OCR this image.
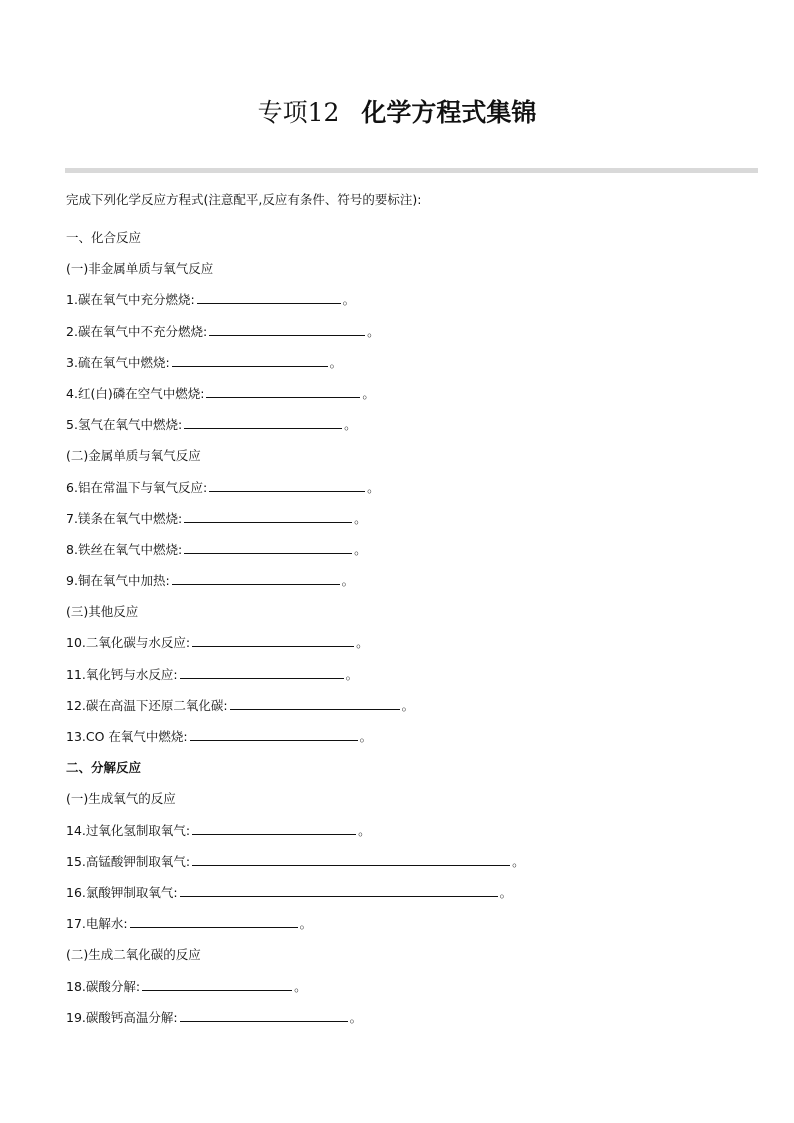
专项12 化学方程式集锦
完成下列化学反应方程式(注意配平,反应有条件、符号的要标注):
一、化合反应
(一)非金属单质与氧气反应
1.碳在氧气中充分燃烧:	。
2.碳在氧气中不充分燃烧:	。
3.硫在氧气中燃烧:	。
4.红(白)磷在空气中燃烧:	。
5.氢气在氧气中燃烧:	。
(二)金属单质与氧气反应
6.铝在常温下与氧气反应:	。
7.镁条在氧气中燃烧:	。
8.铁丝在氧气中燃烧:	。
9.铜在氧气中加热:	。
(三)其他反应
10.二氧化碳与水反应:	。
11.氧化钙与水反应:	。
12.碳在高温下还原二氧化碳:	。
13.CO 在氧气中燃烧:	。
二、分解反应
(一)生成氧气的反应
14.过氧化氢制取氧气:	。
15.高锰酸钾制取氧气:	。
16.氯酸钾制取氧气:	。
17.电解水:	。
(二)生成二氧化碳的反应
18.碳酸分解:	。
19.碳酸钙高温分解:	。
